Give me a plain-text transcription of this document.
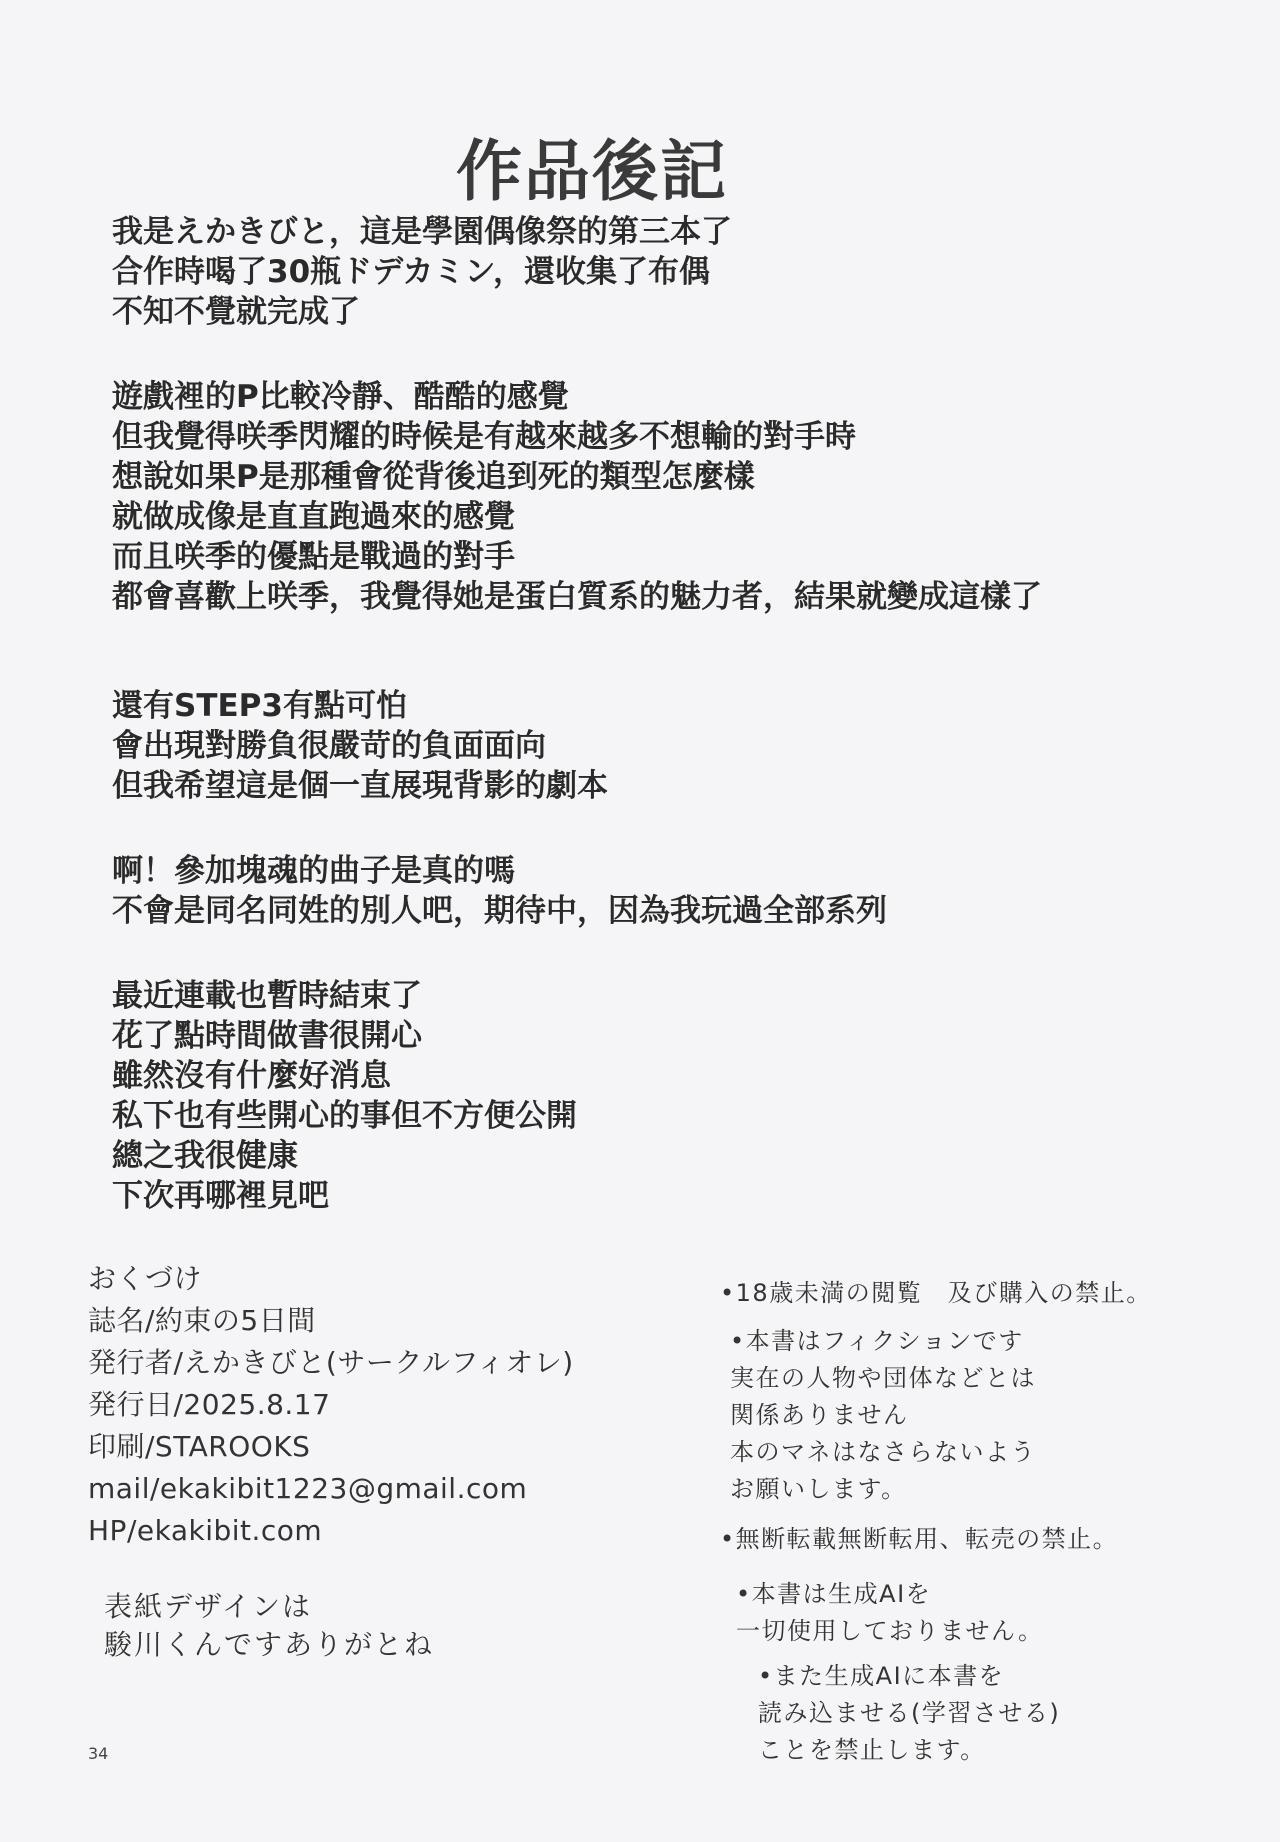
作品後記
我是えかきびと，這是學園偶像祭的第三本了
合作時喝了30瓶ドデカミン，還收集了布偶
不知不覺就完成了
遊戲裡的P比較冷靜、酷酷的感覺
但我覺得咲季閃耀的時候是有越來越多不想輸的對手時
想說如果P是那種會從背後追到死的類型怎麼樣
就做成像是直直跑過來的感覺
而且咲季的優點是戰過的對手
都會喜歡上咲季，我覺得她是蛋白質系的魅力者，結果就變成這樣了
還有STEP3有點可怕
會出現對勝負很嚴苛的負面面向
但我希望這是個一直展現背影的劇本
啊！參加塊魂的曲子是真的嗎
不會是同名同姓的別人吧，期待中，因為我玩過全部系列
最近連載也暫時結束了
花了點時間做書很開心
雖然沒有什麼好消息
私下也有些開心的事但不方便公開
總之我很健康
下次再哪裡見吧
おくづけ
誌名/約束の5日間
発行者/えかきびと(サークルフィオレ)
発行日/2025.8.17
印刷/STAROOKS
mail/ekakibit1223@gmail.com
HP/ekakibit.com
表紙デザインは
駿川くんですありがとね
•18歳未満の閲覧　及び購入の禁止。
•本書はフィクションです
実在の人物や団体などとは
関係ありません
本のマネはなさらないよう
お願いします。
•無断転載無断転用、転売の禁止。
•本書は生成AIを
一切使用しておりません。
•また生成AIに本書を
読み込ませる(学習させる)
ことを禁止します。
34
